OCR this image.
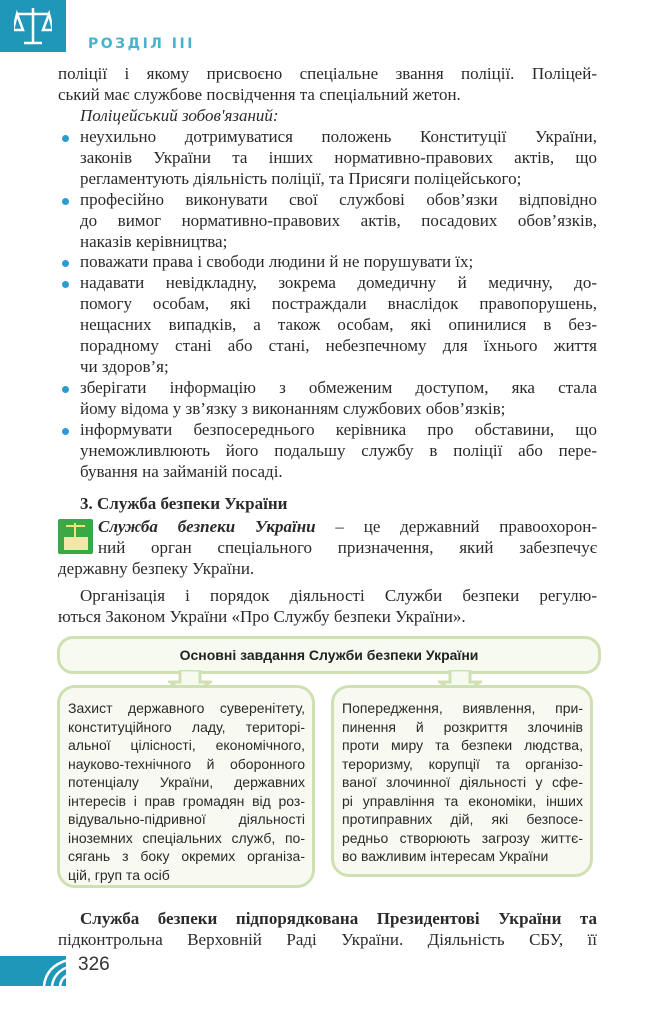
РОЗДІЛ ІІІ
поліції і якому присвоєно спеціальне звання поліції. Поліцей-
ський має службове посвідчення та спеціальний жетон.
Поліцейський зобов'язаний:
неухильно дотримуватися положень Конституції України,
законів України та інших нормативно-правових актів, що
регламентують діяльність поліції, та Присяги поліцейського;
професійно виконувати свої службові обов’язки відповідно
до вимог нормативно-правових актів, посадових обов’язків,
наказів керівництва;
поважати права і свободи людини й не порушувати їх;
надавати невідкладну, зокрема домедичну й медичну, до-
помогу особам, які постраждали внаслідок правопорушень,
нещасних випадків, а також особам, які опинилися в без-
порадному стані або стані, небезпечному для їхнього життя
чи здоров’я;
зберігати інформацію з обмеженим доступом, яка стала
йому відома у зв’язку з виконанням службових обов’язків;
інформувати безпосереднього керівника про обставини, що
унеможливлюють його подальшу службу в поліції або пере-
бування на займаній посаді.
3. Служба безпеки України
Служба безпеки України – це державний правоохорон-
ний орган спеціального призначення, який забезпечує
державну безпеку України.
Організація і порядок діяльності Служби безпеки регулю-
ються Законом України «Про Службу безпеки України».
Основні завдання Служби безпеки України
Захист державного суверенітету,
конституційного ладу, територі-
альної цілісності, економічного,
науково-технічного й оборонного
потенціалу України, державних
інтересів і прав громадян від роз-
відувально-підривної діяльності
іноземних спеціальних служб, по-
сягань з боку окремих організа-
цій, груп та осіб
Попередження, виявлення, при-
пинення й розкриття злочинів
проти миру та безпеки людства,
тероризму, корупції та організо-
ваної злочинної діяльності у сфе-
рі управління та економіки, інших
протиправних дій, які безпосе-
редньо створюють загрозу життє-
во важливим інтересам України
Служба безпеки підпорядкована Президентові України та
підконтрольна Верховній Раді України. Діяльність СБУ, її
326
